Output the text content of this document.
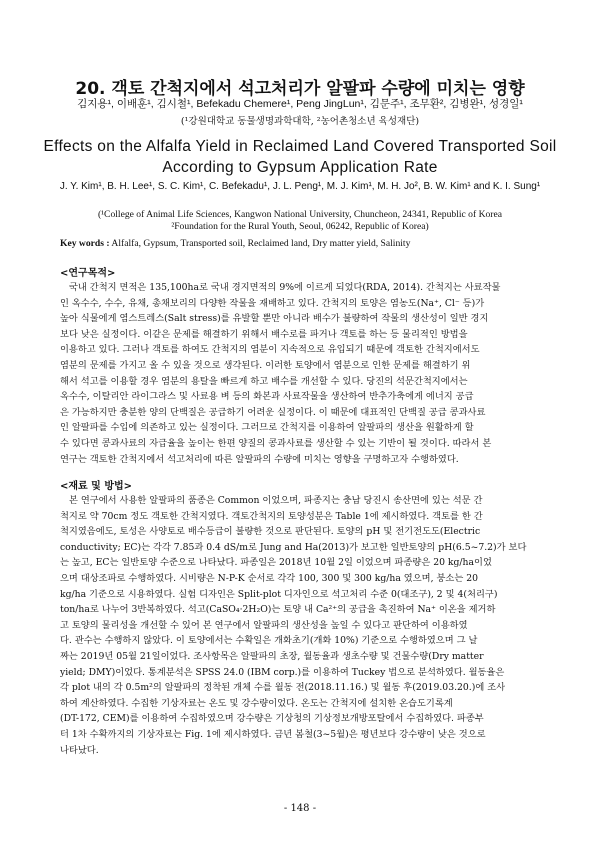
20. 객토 간척지에서 석고처리가 알팔파 수량에 미치는 영향
김지용¹, 이배훈¹, 김시철¹, Befekadu Chemere¹, Peng JingLun¹, 김문주¹, 조무환², 김병완¹, 성경일¹
(¹강원대학교 동물생명과학대학, ²농어촌청소년 육성재단)
Effects on the Alfalfa Yield in Reclaimed Land Covered Transported Soil According to Gypsum Application Rate
J. Y. Kim¹, B. H. Lee¹, S. C. Kim¹, C. Befekadu¹, J. L. Peng¹, M. J. Kim¹, M. H. Jo², B. W. Kim¹ and K. I. Sung¹
(¹College of Animal Life Sciences, Kangwon National University, Chuncheon, 24341, Republic of Korea
²Foundation for the Rural Youth, Seoul, 06242, Republic of Korea)
Key words : Alfalfa, Gypsum, Transported soil, Reclaimed land, Dry matter yield, Salinity
<연구목적>
국내 간척지 면적은 135,100ha로 국내 경지면적의 9%에 이르게 되었다(RDA, 2014). 간척지는 사료작물
인 옥수수, 수수, 유채, 총채보리의 다양한 작물을 재배하고 있다. 간척지의 토양은 염농도(Na⁺, Cl⁻ 등)가
높아 식물에게 염스트레스(Salt stress)를 유발할 뿐만 아니라 배수가 불량하여 작물의 생산성이 일반 경지
보다 낮은 실정이다. 이같은 문제를 해결하기 위해서 배수로를 파거나 객토를 하는 등 물리적인 방법을
이용하고 있다. 그러나 객토를 하여도 간척지의 염분이 지속적으로 유입되기 때문에 객토한 간척지에서도
염분의 문제를 가지고 올 수 있을 것으로 생각된다. 이러한 토양에서 염분으로 인한 문제를 해결하기 위
해서 석고를 이용할 경우 염분의 용탈을 빠르게 하고 배수를 개선할 수 있다. 당진의 석문간척지에서는
옥수수, 이탈리안 라이그라스 및 사료용 벼 등의 화본과 사료작물을 생산하여 반추가축에게 에너지 공급
은 가능하지만 충분한 양의 단백질은 공급하기 어려운 실정이다. 이 때문에 대표적인 단백질 공급 콩과사료
인 알팔파를 수입에 의존하고 있는 실정이다. 그러므로 간척지를 이용하여 알팔파의 생산을 원활하게 할
수 있다면 콩과사료의 자급율을 높이는 한편 양질의 콩과사료를 생산할 수 있는 기반이 될 것이다. 따라서 본
연구는 객토한 간척지에서 석고처리에 따른 알팔파의 수량에 미치는 영향을 구명하고자 수행하였다.
<재료 및 방법>
본 연구에서 사용한 알팔파의 품종은 Common 이었으며, 파종지는 충남 당진시 송산면에 있는 석문 간
척지로 약 70cm 정도 객토한 간척지였다. 객토간척지의 토양성분은 Table 1에 제시하였다. 객토를 한 간
척지였음에도, 토성은 사양토로 배수등급이 불량한 것으로 판단된다. 토양의 pH 및 전기전도도(Electric
conductivity; EC)는 각각 7.85과 0.4 dS/m로 Jung and Ha(2013)가 보고한 일반토양의 pH(6.5~7.2)가 보다
는 높고, EC는 일반토양 수준으로 나타났다. 파종일은 2018년 10월 2일 이었으며 파종량은 20 kg/ha이었
으며 대상조파로 수행하였다. 시비량은 N-P-K 순서로 각각 100, 300 및 300 kg/ha 였으며, 붕소는 20
kg/ha 기준으로 시용하였다. 실험 디자인은 Split-plot 디자인으로 석고처리 수준 0(대조구), 2 및 4(처리구)
ton/ha로 나누어 3반복하였다. 석고(CaSO₄·2H₂O)는 토양 내 Ca²⁺의 공급을 촉진하여 Na⁺ 이온을 제거하
고 토양의 물리성을 개선할 수 있어 본 연구에서 알팔파의 생산성을 높일 수 있다고 판단하여 이용하였
다. 관수는 수행하지 않았다. 이 토양에서는 수확일은 개화초기(개화 10%) 기준으로 수행하였으며 그 날
짜는 2019년 05월 21일이었다. 조사항목은 알팔파의 초장, 월동율과 생초수량 및 건물수량(Dry matter
yield; DMY)이었다. 통계분석은 SPSS 24.0 (IBM corp.)를 이용하여 Tuckey 법으로 분석하였다. 월동율은
각 plot 내의 각 0.5m²의 알팔파의 정착된 개체 수를 월동 전(2018.11.16.) 및 월동 후(2019.03.20.)에 조사
하여 계산하였다. 수집한 기상자료는 온도 및 강수량이었다. 온도는 간척지에 설치한 온습도기록계
(DT-172, CEM)를 이용하여 수집하였으며 강수량은 기상청의 기상정보개방포탈에서 수집하였다. 파종부
터 1차 수확까지의 기상자료는 Fig. 1에 제시하였다. 금년 봄철(3~5월)은 평년보다 강수량이 낮은 것으로
나타났다.
- 148 -
